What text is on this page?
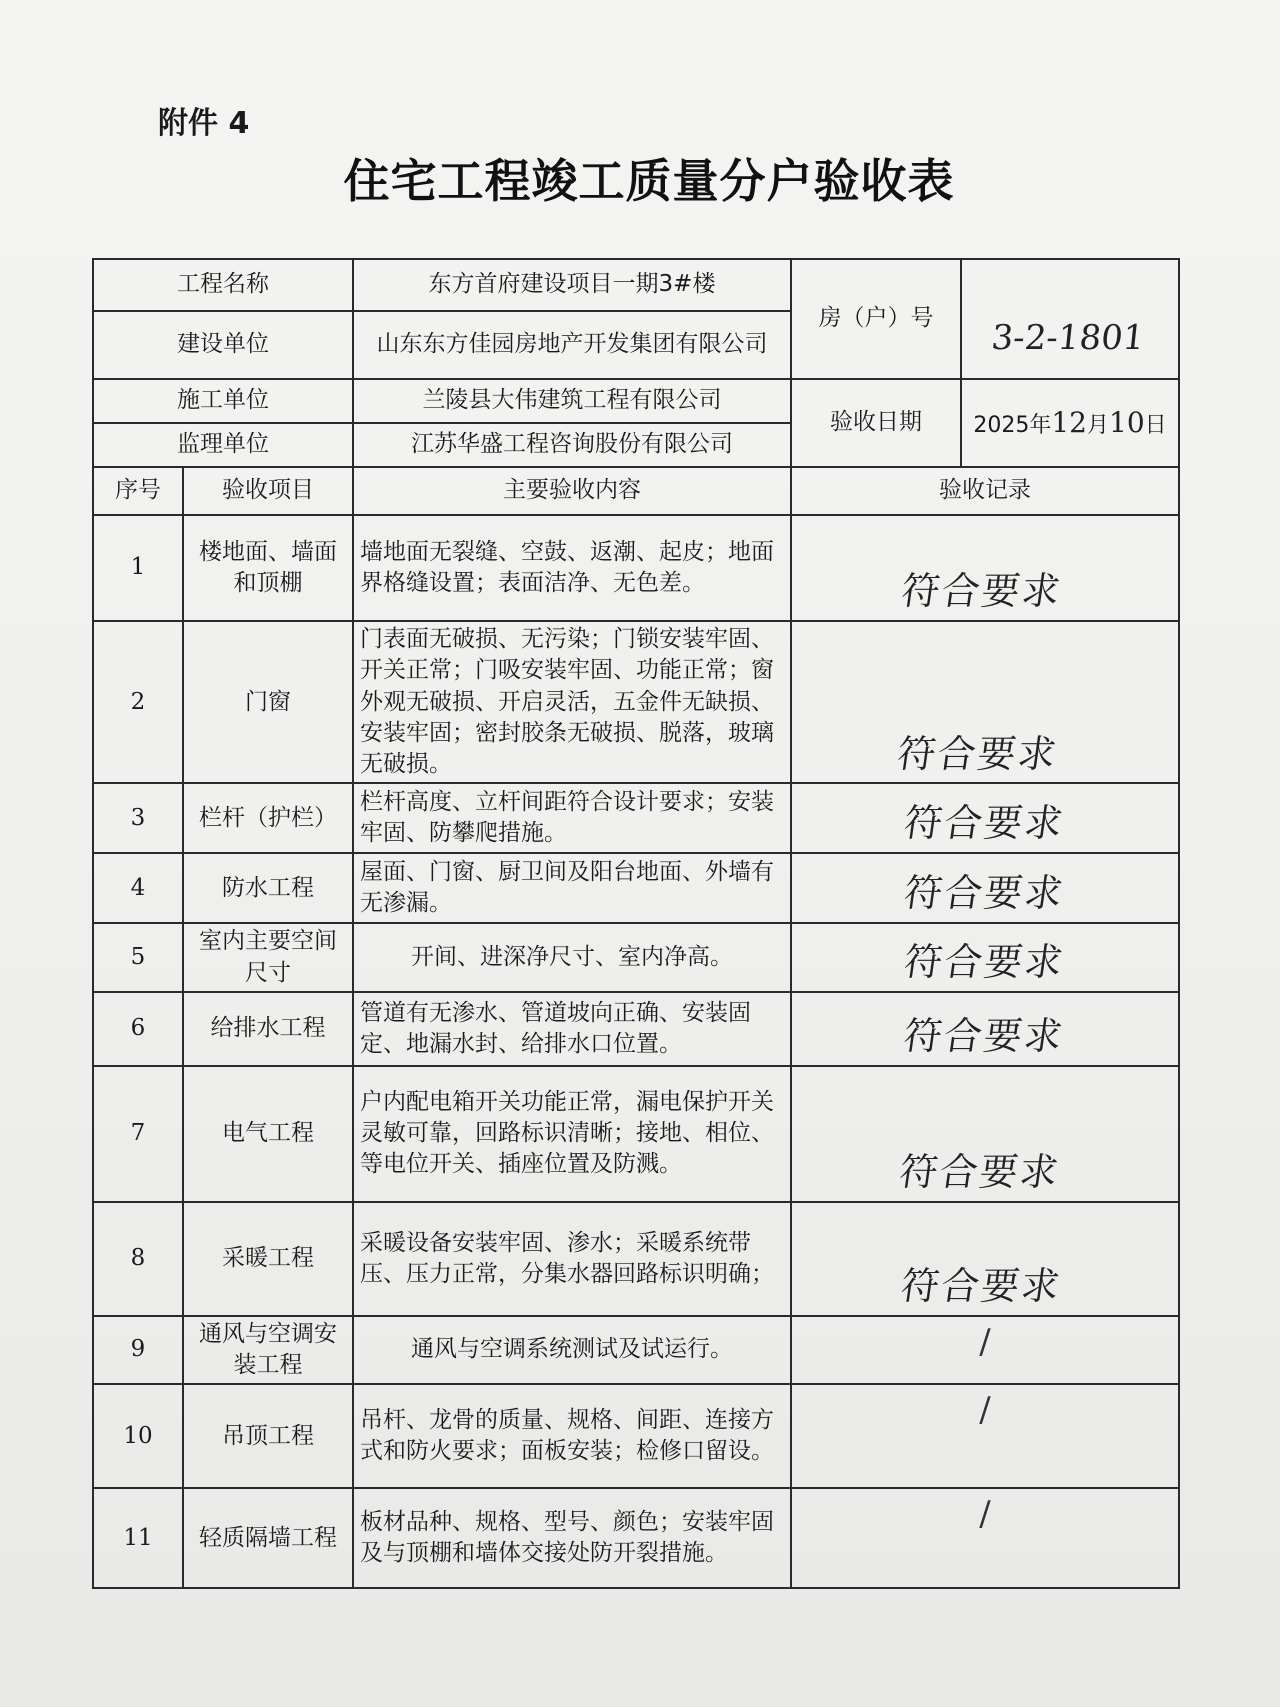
附件 4
住宅工程竣工质量分户验收表
工程名称		东方首府建设项目一期3#楼	房（户）号	3-2-1801

建设单位		山东东方佳园房地产开发集团有限公司		
施工单位		兰陵县大伟建筑工程有限公司	验收日期	2025年12月10日
监理单位		江苏华盛工程咨询股份有限公司		
序号	验收项目	主要验收内容	验收记录	
1	楼地面、墙面和顶棚	墙地面无裂缝、空鼓、返潮、起皮；地面界格缝设置；表面洁净、无色差。	符合要求	
2	门窗	门表面无破损、无污染；门锁安装牢固、开关正常；门吸安装牢固、功能正常；窗外观无破损、开启灵活，五金件无缺损、 安装牢固；密封胶条无破损、脱落，玻璃无破损。	符合要求	
3	栏杆（护栏）	栏杆高度、立杆间距符合设计要求；安装牢固、防攀爬措施。	符合要求	
4	防水工程	屋面、门窗、厨卫间及阳台地面、外墙有无渗漏。	符合要求	
5	室内主要空间尺寸	开间、进深净尺寸、室内净高。	符合要求	
6	给排水工程	管道有无渗水、管道坡向正确、安装固定、地漏水封、给排水口位置。	符合要求	
7	电气工程	户内配电箱开关功能正常，漏电保护开关灵敏可靠，回路标识清晰；接地、相位、等电位开关、插座位置及防溅。	符合要求	
8	采暖工程	采暖设备安装牢固、渗水；采暖系统带压、压力正常，分集水器回路标识明确；	符合要求	
9	通风与空调安装工程	通风与空调系统测试及试运行。	/	
10	吊顶工程	吊杆、龙骨的质量、规格、间距、连接方式和防火要求；面板安装；检修口留设。	/	
11	轻质隔墙工程	板材品种、规格、型号、颜色；安装牢固及与顶棚和墙体交接处防开裂措施。	/	
